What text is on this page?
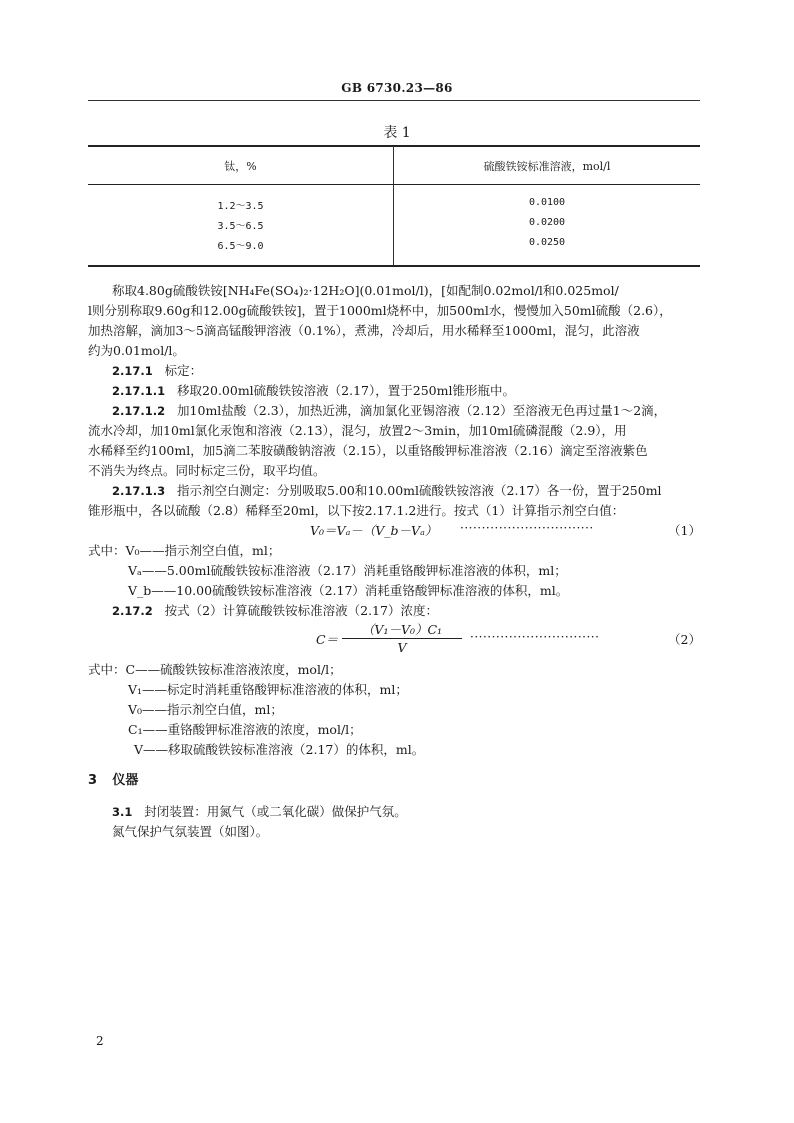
GB 6730.23—86
表 1
钛，%	硫酸铁铵标准溶液，mol/l
1.2～3.5	0.0100
3.5～6.5	0.0200
6.5～9.0	0.0250
称取4.80g硫酸铁铵[NH₄Fe(SO₄)₂·12H₂O](0.01mol/l)，[如配制0.02mol/l和0.025mol/
l则分别称取9.60g和12.00g硫酸铁铵]，置于1000ml烧杯中，加500ml水，慢慢加入50ml硫酸（2.6），
加热溶解，滴加3～5滴高锰酸钾溶液（0.1%），煮沸，冷却后，用水稀释至1000ml，混匀，此溶液
约为0.01mol/l。
2.17.1 标定：
2.17.1.1 移取20.00ml硫酸铁铵溶液（2.17），置于250ml锥形瓶中。
2.17.1.2 加10ml盐酸（2.3），加热近沸，滴加氯化亚锡溶液（2.12）至溶液无色再过量1～2滴，
流水冷却，加10ml氯化汞饱和溶液（2.13），混匀，放置2～3min，加10ml硫磷混酸（2.9），用
水稀释至约100ml，加5滴二苯胺磺酸钠溶液（2.15），以重铬酸钾标准溶液（2.16）滴定至溶液紫色
不消失为终点。同时标定三份，取平均值。
2.17.1.3 指示剂空白测定：分别吸取5.00和10.00ml硫酸铁铵溶液（2.17）各一份，置于250ml
锥形瓶中，各以硫酸（2.8）稀释至20ml，以下按2.17.1.2进行。按式（1）计算指示剂空白值：
V₀＝Vₐ－（V_b－Vₐ） ·······························	（1）
式中：V₀——指示剂空白值，ml；
Vₐ——5.00ml硫酸铁铵标准溶液（2.17）消耗重铬酸钾标准溶液的体积，ml；
V_b——10.00硫酸铁铵标准溶液（2.17）消耗重铬酸钾标准溶液的体积，ml。
2.17.2 按式（2）计算硫酸铁铵标准溶液（2.17）浓度：
C＝
（V₁－V₀）C₁
V
······························	（2）
式中：C——硫酸铁铵标准溶液浓度，mol/l；
V₁——标定时消耗重铬酸钾标准溶液的体积，ml；
V₀——指示剂空白值，ml；
C₁——重铬酸钾标准溶液的浓度，mol/l；
V——移取硫酸铁铵标准溶液（2.17）的体积，ml。
3 仪器
3.1 封闭装置：用氮气（或二氧化碳）做保护气氛。
氮气保护气氛装置（如图）。
2
